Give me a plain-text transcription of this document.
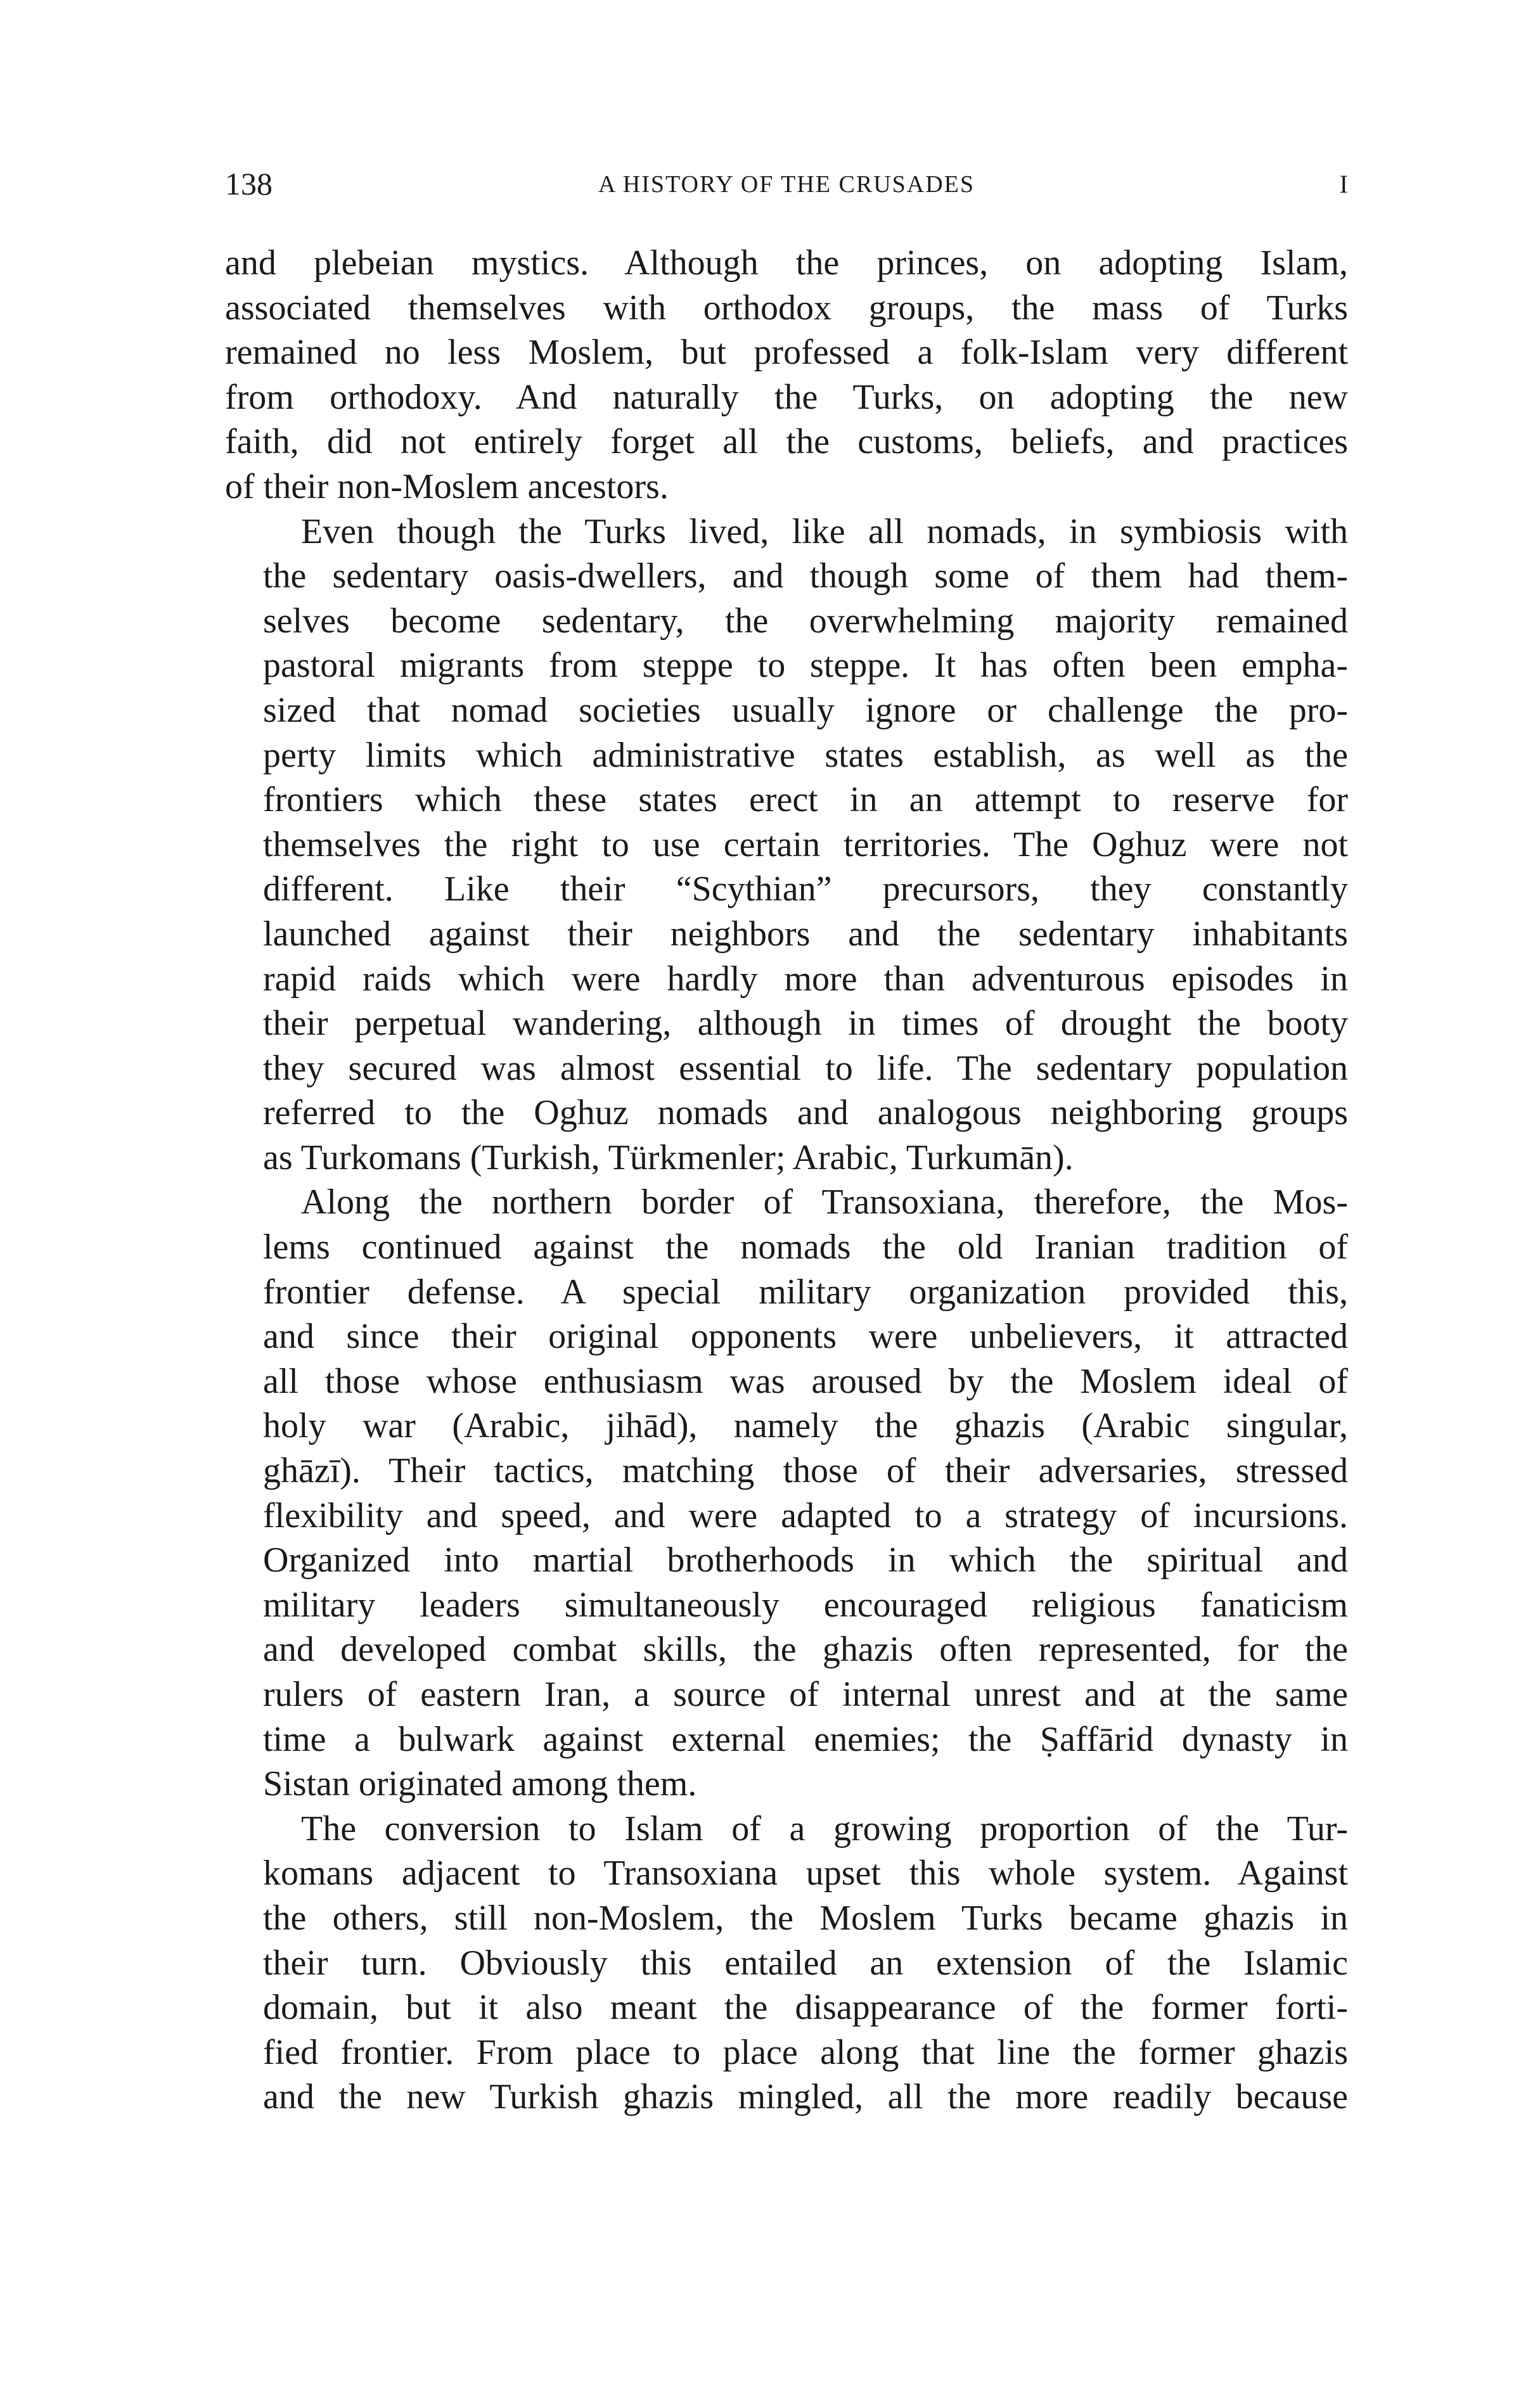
138	A HISTORY OF THE CRUSADES	I
and plebeian mystics. Although the princes, on adopting Islam,
associated themselves with orthodox groups, the mass of Turks
remained no less Moslem, but professed a folk-Islam very different
from orthodoxy. And naturally the Turks, on adopting the new
faith, did not entirely forget all the customs, beliefs, and practices
of their non-Moslem ancestors.
Even though the Turks lived, like all nomads, in symbiosis with
the sedentary oasis-dwellers, and though some of them had them-
selves become sedentary, the overwhelming majority remained
pastoral migrants from steppe to steppe. It has often been empha-
sized that nomad societies usually ignore or challenge the pro-
perty limits which administrative states establish, as well as the
frontiers which these states erect in an attempt to reserve for
themselves the right to use certain territories. The Oghuz were not
different. Like their “Scythian” precursors, they constantly
launched against their neighbors and the sedentary inhabitants
rapid raids which were hardly more than adventurous episodes in
their perpetual wandering, although in times of drought the booty
they secured was almost essential to life. The sedentary population
referred to the Oghuz nomads and analogous neighboring groups
as Turkomans (Turkish, Türkmenler; Arabic, Turkumān).
Along the northern border of Transoxiana, therefore, the Mos-
lems continued against the nomads the old Iranian tradition of
frontier defense. A special military organization provided this,
and since their original opponents were unbelievers, it attracted
all those whose enthusiasm was aroused by the Moslem ideal of
holy war (Arabic, jihād), namely the ghazis (Arabic singular,
ghāzī). Their tactics, matching those of their adversaries, stressed
flexibility and speed, and were adapted to a strategy of incursions.
Organized into martial brotherhoods in which the spiritual and
military leaders simultaneously encouraged religious fanaticism
and developed combat skills, the ghazis often represented, for the
rulers of eastern Iran, a source of internal unrest and at the same
time a bulwark against external enemies; the Ṣaffārid dynasty in
Sistan originated among them.
The conversion to Islam of a growing proportion of the Tur-
komans adjacent to Transoxiana upset this whole system. Against
the others, still non-Moslem, the Moslem Turks became ghazis in
their turn. Obviously this entailed an extension of the Islamic
domain, but it also meant the disappearance of the former forti-
fied frontier. From place to place along that line the former ghazis
and the new Turkish ghazis mingled, all the more readily because
